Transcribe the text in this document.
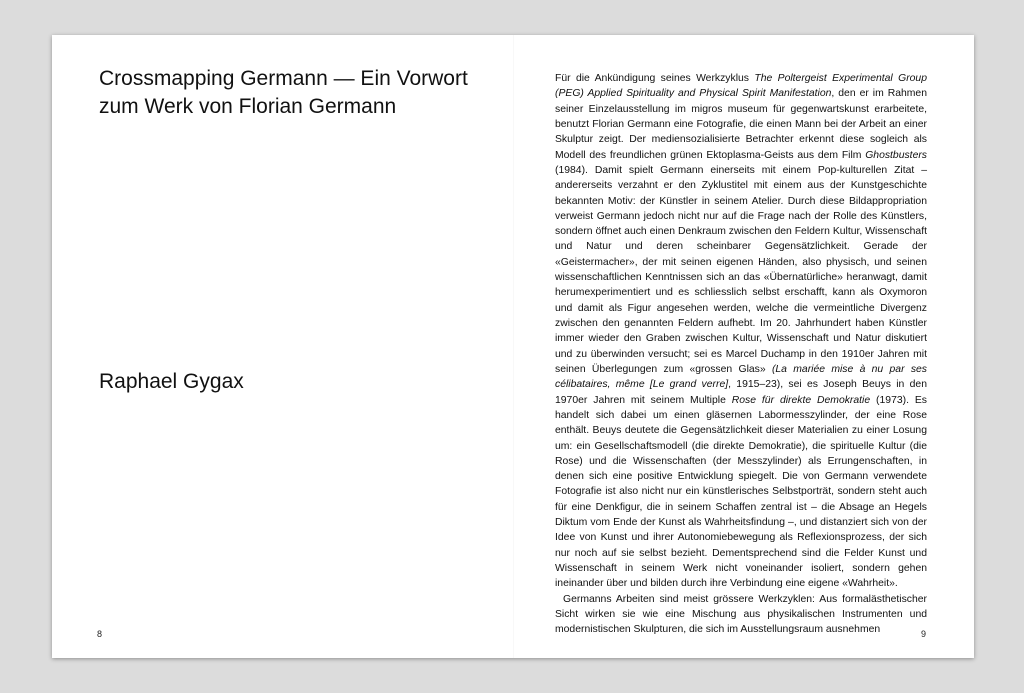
Crossmapping Germann — Ein Vorwort
zum Werk von Florian Germann
Raphael Gygax
8

Für die Ankündigung seines Werkzyklus The Poltergeist Experimental Group (PEG) Applied Spirituality and Physical Spirit Manifestation, den er im Rahmen seiner Einzelausstellung im migros museum für gegenwartskunst erarbeitete, benutzt Florian Germann eine Fotografie, die einen Mann bei der Arbeit an einer Skulptur zeigt. Der mediensozialisierte Betrachter erkennt diese sogleich als Modell des freundlichen grünen Ektoplasma-Geists aus dem Film Ghostbusters (1984). Damit spielt Germann einerseits mit einem Pop-kulturellen Zitat – andererseits verzahnt er den Zyklustitel mit einem aus der Kunstgeschichte bekannten Motiv: der Künstler in seinem Atelier. Durch diese Bildappropriation verweist Germann jedoch nicht nur auf die Frage nach der Rolle des Künstlers, sondern öffnet auch einen Denkraum zwischen den Feldern Kultur, Wissenschaft und Natur und deren scheinbarer Gegensätzlichkeit. Gerade der «Geistermacher», der mit seinen eigenen Händen, also physisch, und seinen wissenschaftlichen Kenntnissen sich an das «Übernatürliche» heranwagt, damit herumexperimentiert und es schliesslich selbst erschafft, kann als Oxymoron und damit als Figur angesehen werden, welche die vermeintliche Divergenz zwischen den genannten Feldern aufhebt. Im 20. Jahrhundert haben Künstler immer wieder den Graben zwischen Kultur, Wissenschaft und Natur diskutiert und zu überwinden versucht; sei es Marcel Duchamp in den 1910er Jahren mit seinen Überlegungen zum «grossen Glas» (La mariée mise à nu par ses célibataires, même [Le grand verre], 1915–23), sei es Joseph Beuys in den 1970er Jahren mit seinem Multiple Rose für direkte Demokratie (1973). Es handelt sich dabei um einen gläsernen Labormesszylinder, der eine Rose enthält. Beuys deutete die Gegensätzlichkeit dieser Materialien zu einer Losung um: ein Gesellschaftsmodell (die direkte Demokratie), die spirituelle Kultur (die Rose) und die Wissenschaften (der Messzylinder) als Errungenschaften, in denen sich eine positive Entwicklung spiegelt. Die von Germann verwendete Fotografie ist also nicht nur ein künstlerisches Selbstporträt, sondern steht auch für eine Denkfigur, die in seinem Schaffen zentral ist – die Absage an Hegels Diktum vom Ende der Kunst als Wahrheitsfindung –, und distanziert sich von der Idee von Kunst und ihrer Autonomiebewegung als Reflexionsprozess, der sich nur noch auf sie selbst bezieht. Dementsprechend sind die Felder Kunst und Wissenschaft in seinem Werk nicht voneinander isoliert, sondern gehen ineinander über und bilden durch ihre Verbindung eine eigene «Wahrheit».

Germanns Arbeiten sind meist grössere Werkzyklen: Aus formalästhetischer Sicht wirken sie wie eine Mischung aus physikalischen Instrumenten und modernistischen Skulpturen, die sich im Ausstellungsraum ausnehmen	9
